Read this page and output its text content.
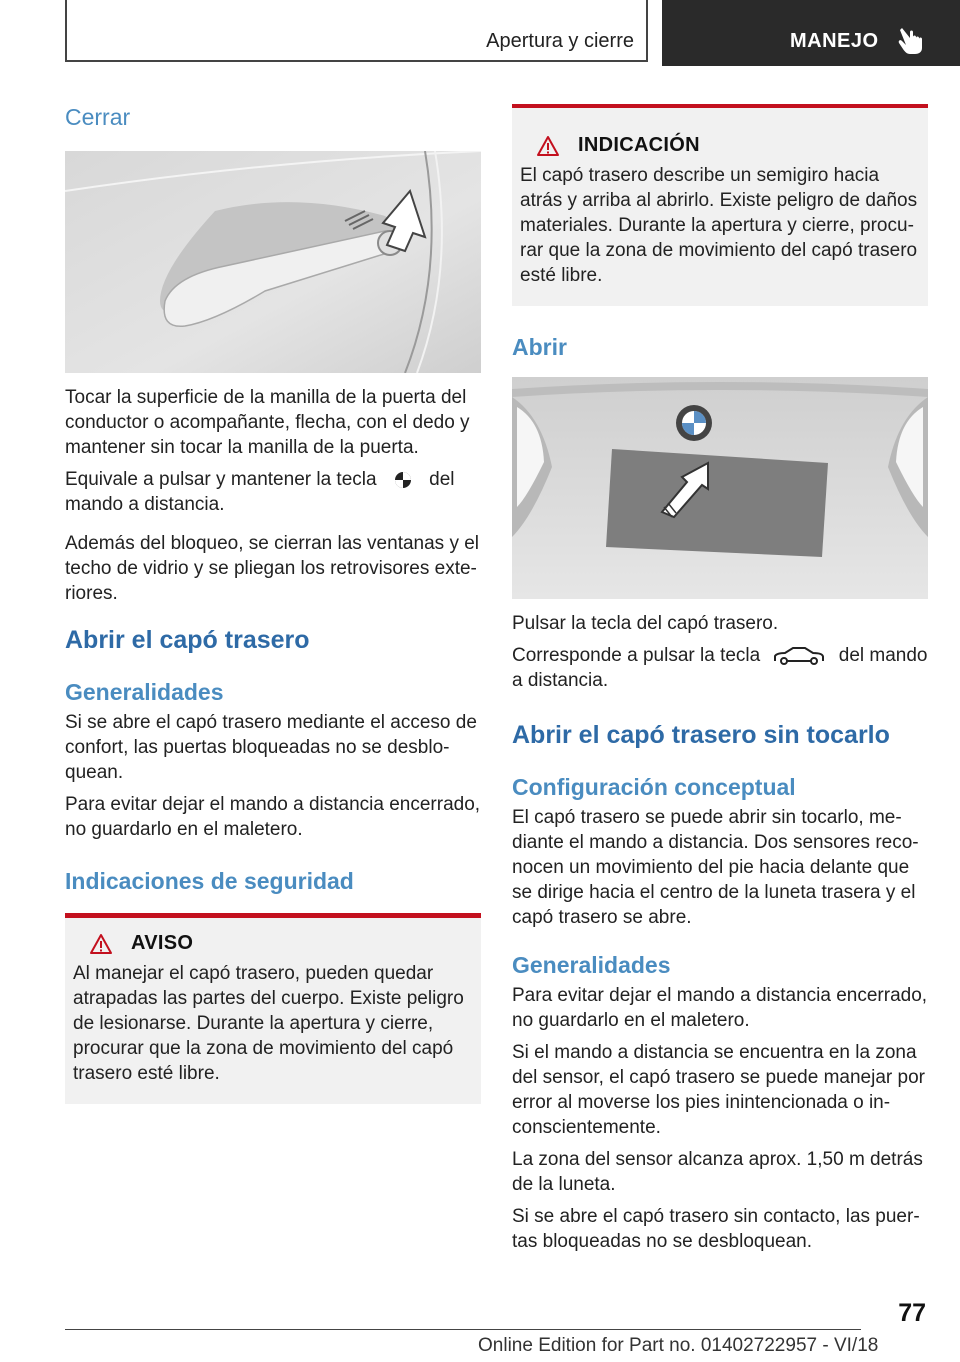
Apertura y cierre	MANEJO
Cerrar

Tocar la superficie de la manilla de la puerta del conductor o acompañante, flecha, con el dedo y mantener sin tocar la manilla de la puerta.

Equivale a pulsar y mantener la tecla	del mando a distancia.

Además del bloqueo, se cierran las ventanas y el techo de vidrio y se pliegan los retrovisores exteriores.

Abrir el capó trasero
Generalidades

Si se abre el capó trasero mediante el acceso de confort, las puertas bloqueadas no se desbloquean.

Para evitar dejar el mando a distancia encerrado, no guardarlo en el maletero.

Indicaciones de seguridad
AVISO

Al manejar el capó trasero, pueden quedar atrapadas las partes del cuerpo. Existe peligro de lesionarse. Durante la apertura y cierre, procurar que la zona de movimiento del capó trasero esté libre.

INDICACIÓN

El capó trasero describe un semigiro hacia atrás y arriba al abrirlo. Existe peligro de daños materiales. Durante la apertura y cierre, procurar que la zona de movimiento del capó trasero esté libre.

Abrir

Pulsar la tecla del capó trasero.

Corresponde a pulsar la tecla	del mando a distancia.

Abrir el capó trasero sin tocarlo
Configuración conceptual

El capó trasero se puede abrir sin tocarlo, mediante el mando a distancia. Dos sensores reconocen un movimiento del pie hacia delante que se dirige hacia el centro de la luneta trasera y el capó trasero se abre.

Generalidades

Para evitar dejar el mando a distancia encerrado, no guardarlo en el maletero.

Si el mando a distancia se encuentra en la zona del sensor, el capó trasero se puede manejar por error al moverse los pies inintencionada o inconscientemente.

La zona del sensor alcanza aprox. 1,50 m detrás de la luneta.

Si se abre el capó trasero sin contacto, las puertas bloqueadas no se desbloquean.

77
Online Edition for Part no. 01402722957 - VI/18
